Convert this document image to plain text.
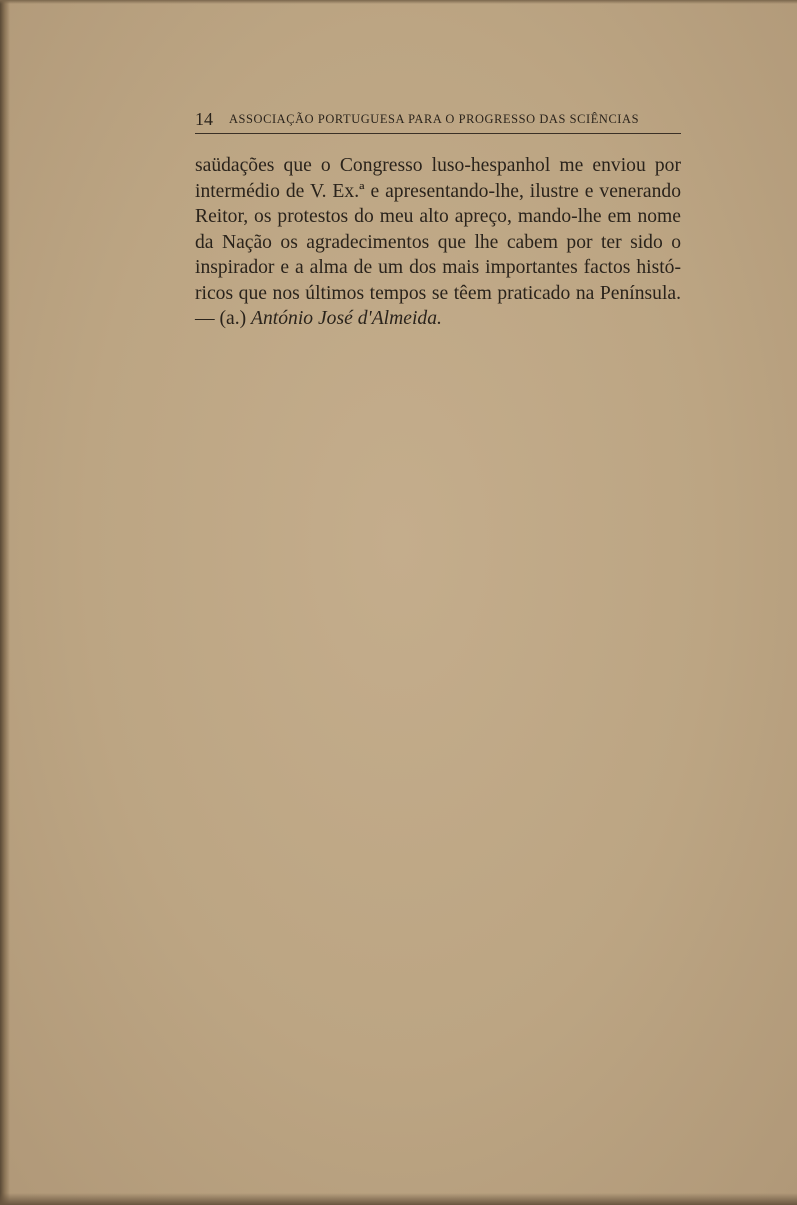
14 ASSOCIAÇÃO PORTUGUESA PARA O PROGRESSO DAS SCIÊNCIAS
saüdações que o Congresso luso-hespanhol me enviou por
intermédio de V. Ex.ª e apresentando-lhe, ilustre e venerando
Reitor, os protestos do meu alto apreço, mando-lhe em nome
da Nação os agradecimentos que lhe cabem por ter sido o
inspirador e a alma de um dos mais importantes factos histó-
ricos que nos últimos tempos se têem praticado na Península.
— (a.) António José d'Almeida.
